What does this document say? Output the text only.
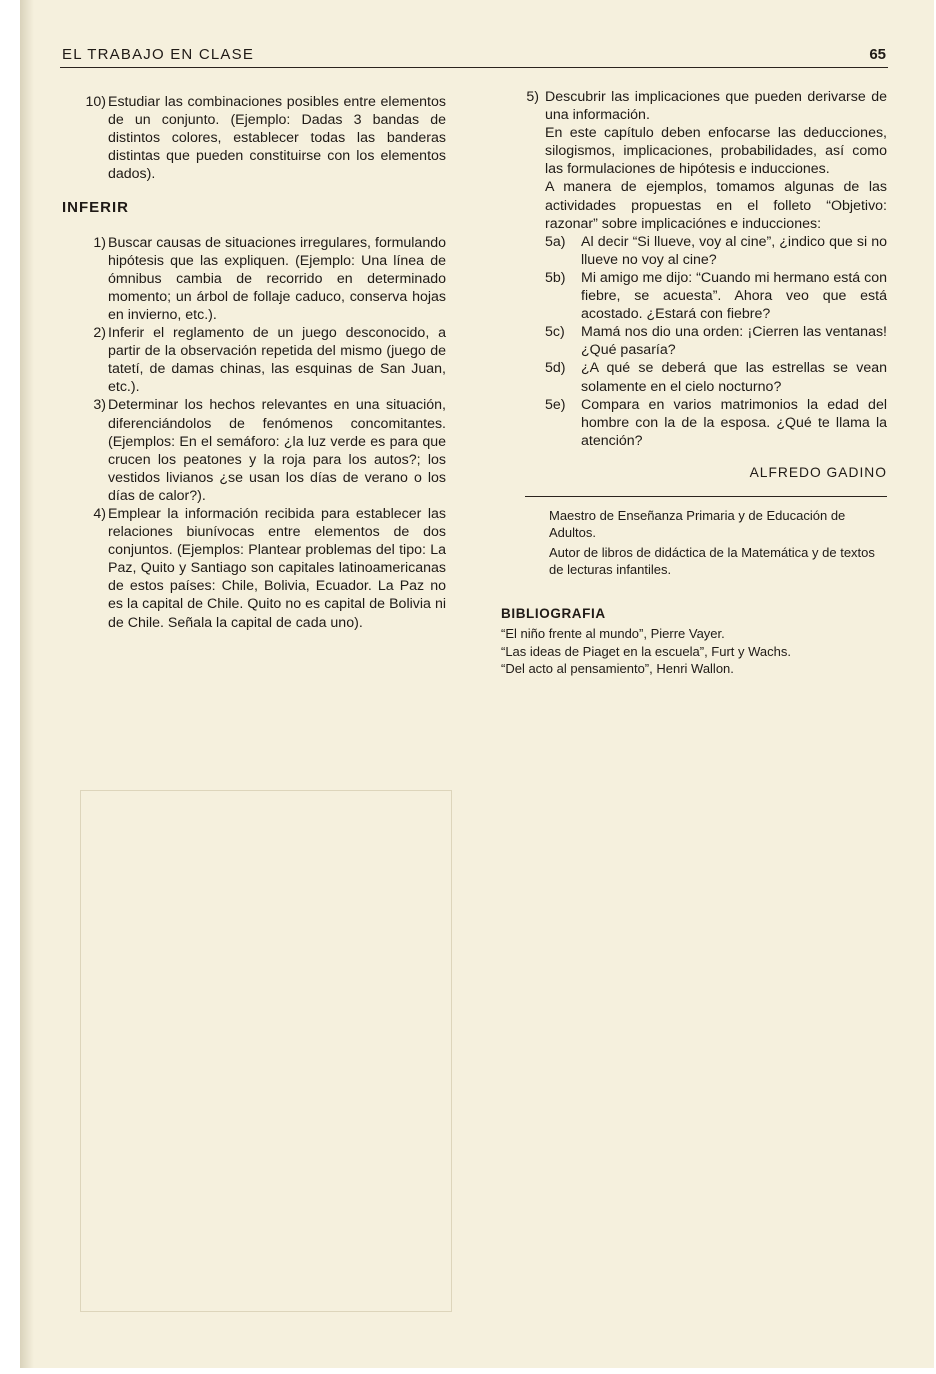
EL TRABAJO EN CLASE	65
10) Estudiar las combinaciones posibles entre elementos de un conjunto. (Ejemplo: Dadas 3 bandas de distintos colores, establecer todas las banderas distintas que pueden constituirse con los elementos dados).
INFERIR
1) Buscar causas de situaciones irregulares, formulando hipótesis que las expliquen. (Ejemplo: Una línea de ómnibus cambia de recorrido en determinado momento; un árbol de follaje caduco, conserva hojas en invierno, etc.).
2) Inferir el reglamento de un juego desconocido, a partir de la observación repetida del mismo (juego de tatetí, de damas chinas, las esquinas de San Juan, etc.).
3) Determinar los hechos relevantes en una situación, diferenciándolos de fenómenos concomitantes. (Ejemplos: En el semáforo: ¿la luz verde es para que crucen los peatones y la roja para los autos?; los vestidos livianos ¿se usan los días de verano o los días de calor?).
4) Emplear la información recibida para establecer las relaciones biunívocas entre elementos de dos conjuntos. (Ejemplos: Plantear problemas del tipo: La Paz, Quito y Santiago son capitales latinoamericanas de estos países: Chile, Bolivia, Ecuador. La Paz no es la capital de Chile. Quito no es capital de Bolivia ni de Chile. Señala la capital de cada uno).
5) Descubrir las implicaciones que pueden derivarse de una información.
En este capítulo deben enfocarse las deducciones, silogismos, implicaciones, probabilidades, así como las formulaciones de hipótesis e inducciones.
A manera de ejemplos, tomamos algunas de las actividades propuestas en el folleto “Objetivo: razonar” sobre implicaciónes e inducciones:
5a) Al decir “Si llueve, voy al cine”, ¿indico que si no llueve no voy al cine?
5b) Mi amigo me dijo: “Cuando mi hermano está con fiebre, se acuesta”. Ahora veo que está acostado. ¿Estará con fiebre?
5c) Mamá nos dio una orden: ¡Cierren las ventanas! ¿Qué pasaría?
5d) ¿A qué se deberá que las estrellas se vean solamente en el cielo nocturno?
5e) Compara en varios matrimonios la edad del hombre con la de la esposa. ¿Qué te llama la atención?
ALFREDO GADINO

Maestro de Enseñanza Primaria y de Educación de Adultos.

Autor de libros de didáctica de la Matemática y de textos de lecturas infantiles.

BIBLIOGRAFIA
“El niño frente al mundo”, Pierre Vayer.
“Las ideas de Piaget en la escuela”, Furt y Wachs.
“Del acto al pensamiento”, Henri Wallon.
